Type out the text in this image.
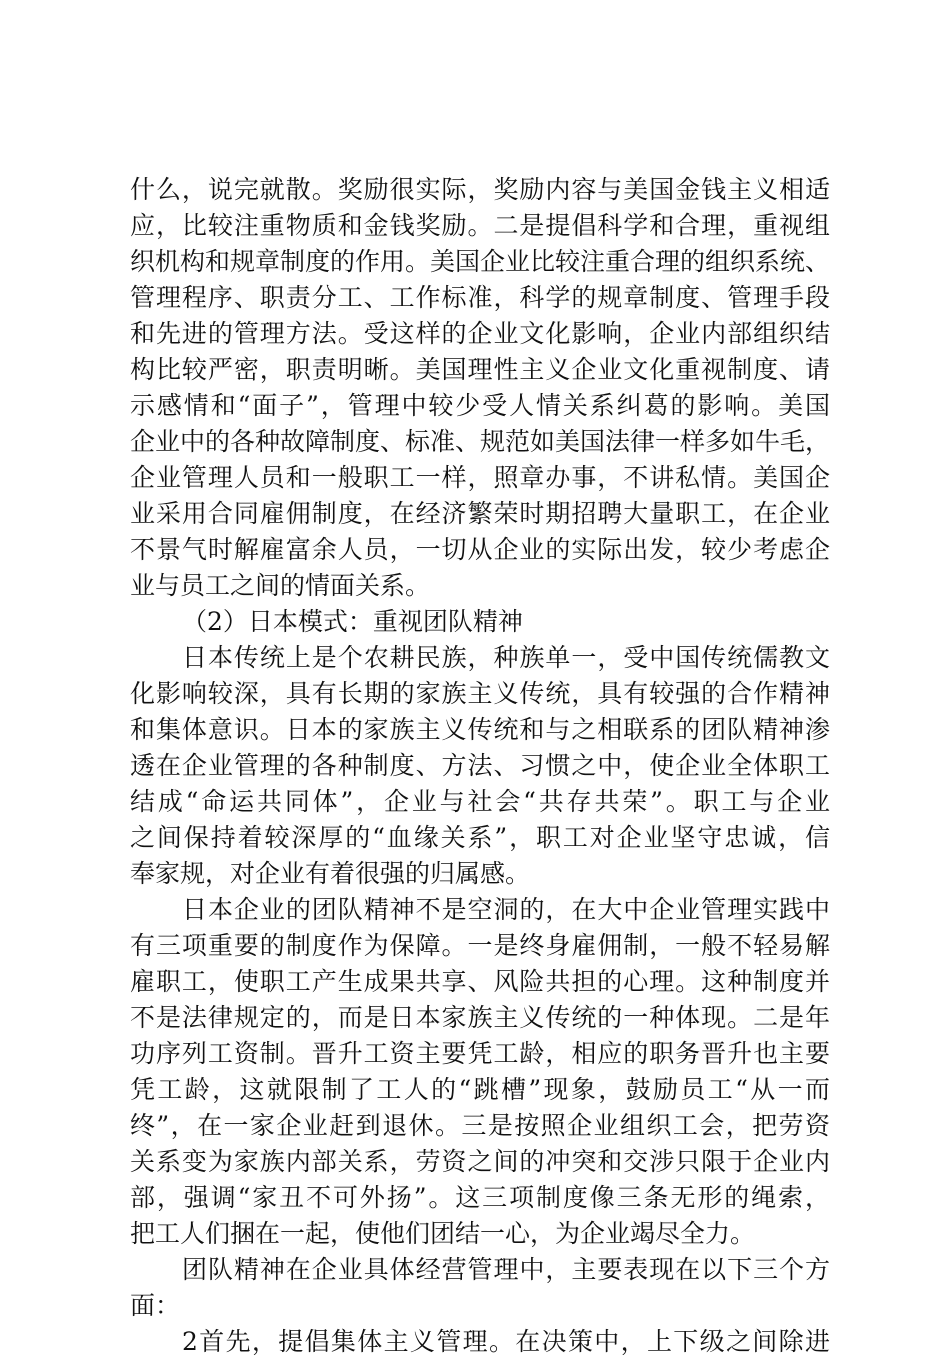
什么，说完就散。奖励很实际，奖励内容与美国金钱主义相适
应，比较注重物质和金钱奖励。二是提倡科学和合理，重视组
织机构和规章制度的作用。美国企业比较注重合理的组织系统、
管理程序、职责分工、工作标准，科学的规章制度、管理手段
和先进的管理方法。受这样的企业文化影响，企业内部组织结
构比较严密，职责明晰。美国理性主义企业文化重视制度、请
示感情和“面子”，管理中较少受人情关系纠葛的影响。美国
企业中的各种故障制度、标准、规范如美国法律一样多如牛毛，
企业管理人员和一般职工一样，照章办事，不讲私情。美国企
业采用合同雇佣制度，在经济繁荣时期招聘大量职工，在企业
不景气时解雇富余人员，一切从企业的实际出发，较少考虑企
业与员工之间的情面关系。
（2）日本模式：重视团队精神
日本传统上是个农耕民族，种族单一，受中国传统儒教文
化影响较深，具有长期的家族主义传统，具有较强的合作精神
和集体意识。日本的家族主义传统和与之相联系的团队精神渗
透在企业管理的各种制度、方法、习惯之中，使企业全体职工
结成“命运共同体”，企业与社会“共存共荣”。职工与企业
之间保持着较深厚的“血缘关系”，职工对企业坚守忠诚，信
奉家规，对企业有着很强的归属感。
日本企业的团队精神不是空洞的，在大中企业管理实践中
有三项重要的制度作为保障。一是终身雇佣制，一般不轻易解
雇职工，使职工产生成果共享、风险共担的心理。这种制度并
不是法律规定的，而是日本家族主义传统的一种体现。二是年
功序列工资制。晋升工资主要凭工龄，相应的职务晋升也主要
凭工龄，这就限制了工人的“跳槽”现象，鼓励员工“从一而
终”，在一家企业赶到退休。三是按照企业组织工会，把劳资
关系变为家族内部关系，劳资之间的冲突和交涉只限于企业内
部，强调“家丑不可外扬”。这三项制度像三条无形的绳索，
把工人们捆在一起，使他们团结一心，为企业竭尽全力。
团队精神在企业具体经营管理中，主要表现在以下三个方
面：
2首先，提倡集体主义管理。在决策中，上下级之间除进
